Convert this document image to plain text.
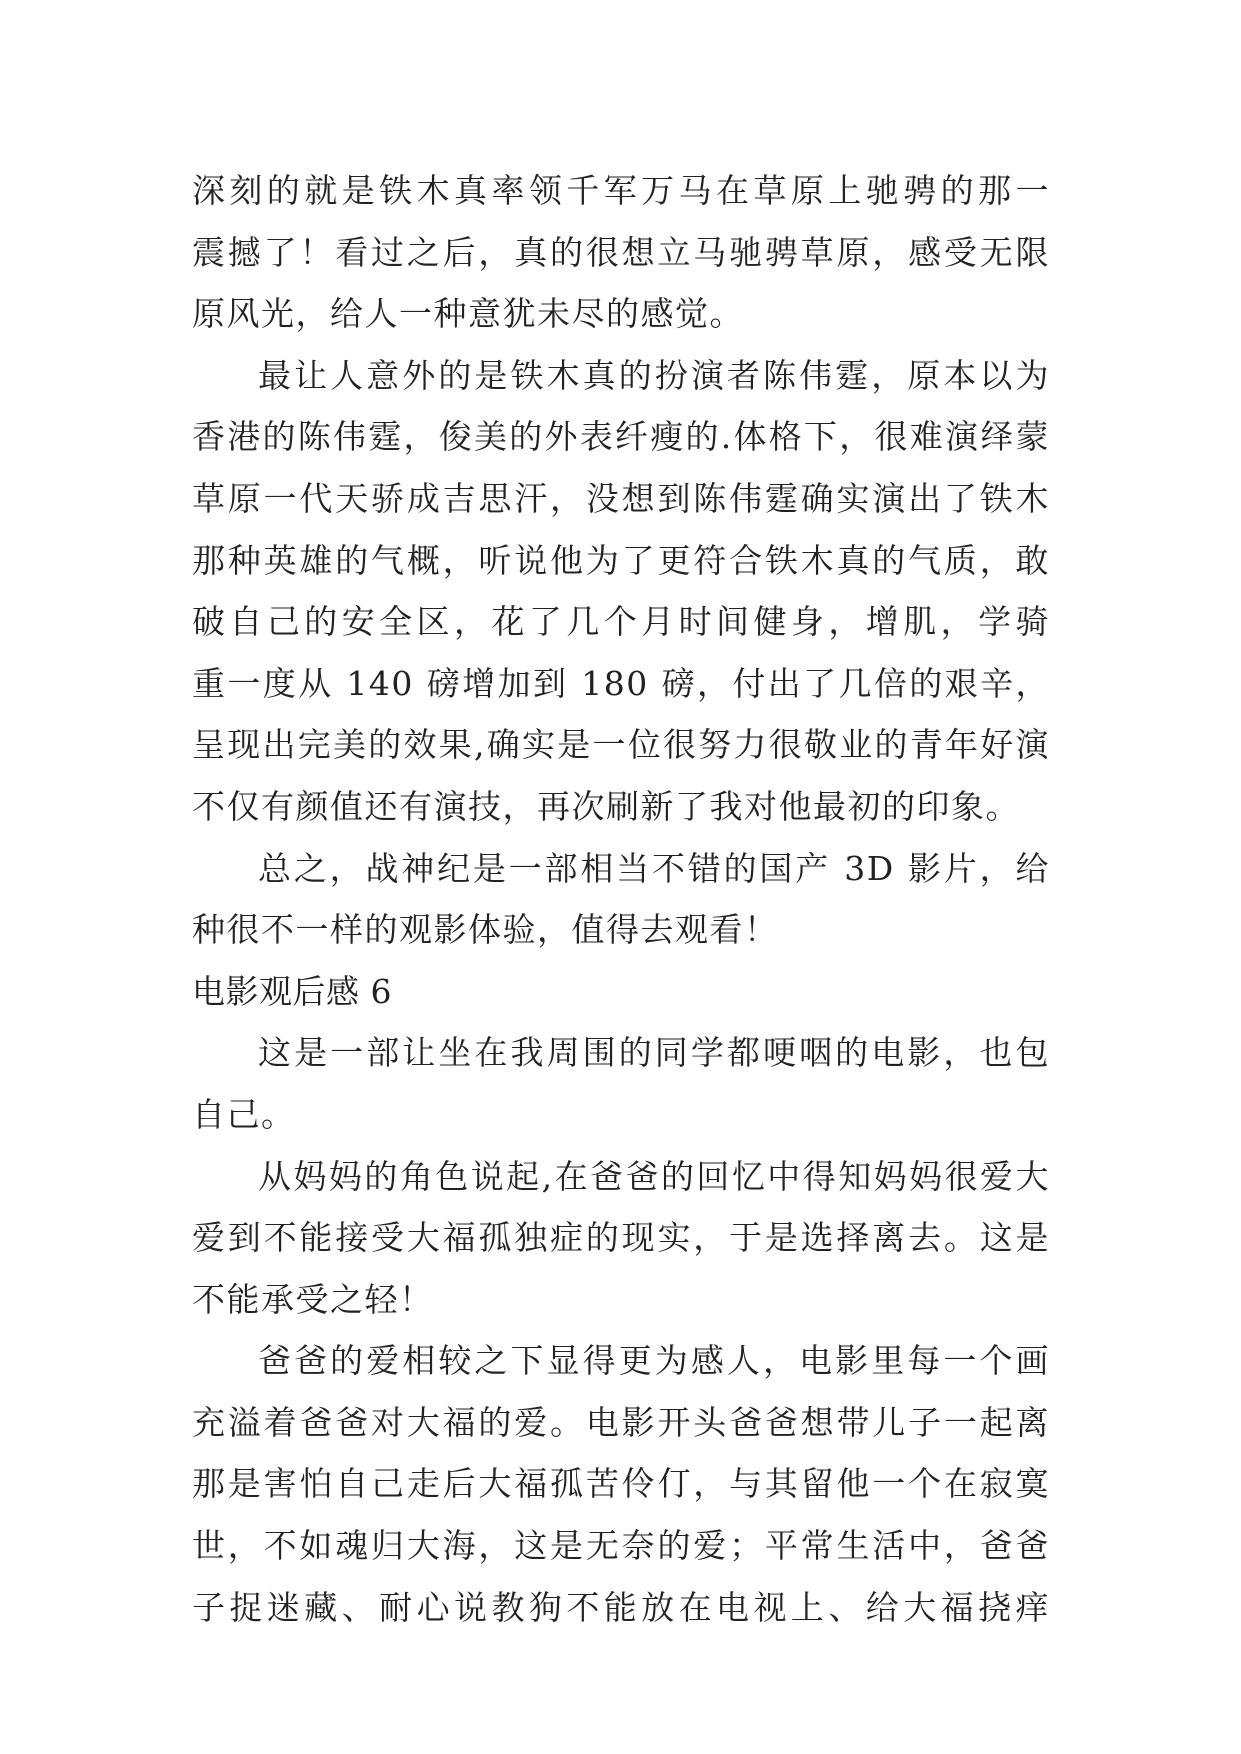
深刻的就是铁木真率领千军万马在草原上驰骋的那一
震撼了！看过之后，真的很想立马驰骋草原，感受无限
原风光，给人一种意犹未尽的感觉。
最让人意外的是铁木真的扮演者陈伟霆，原本以为
香港的陈伟霆，俊美的外表纤瘦的.体格下，很难演绎蒙
草原一代天骄成吉思汗，没想到陈伟霆确实演出了铁木
那种英雄的气概，听说他为了更符合铁木真的气质，敢
破自己的安全区，花了几个月时间健身，增肌，学骑
重一度从 140 磅增加到 180 磅，付出了几倍的艰辛，
呈现出完美的效果,确实是一位很努力很敬业的青年好演
不仅有颜值还有演技，再次刷新了我对他最初的印象。
总之，战神纪是一部相当不错的国产 3D 影片，给
种很不一样的观影体验，值得去观看！
电影观后感 6
这是一部让坐在我周围的同学都哽咽的电影，也包
自己。
从妈妈的角色说起,在爸爸的回忆中得知妈妈很爱大
爱到不能接受大福孤独症的现实，于是选择离去。这是
不能承受之轻！
爸爸的爱相较之下显得更为感人，电影里每一个画
充溢着爸爸对大福的爱。电影开头爸爸想带儿子一起离
那是害怕自己走后大福孤苦伶仃，与其留他一个在寂寞
世，不如魂归大海，这是无奈的爱；平常生活中，爸爸
子捉迷藏、耐心说教狗不能放在电视上、给大福挠痒
